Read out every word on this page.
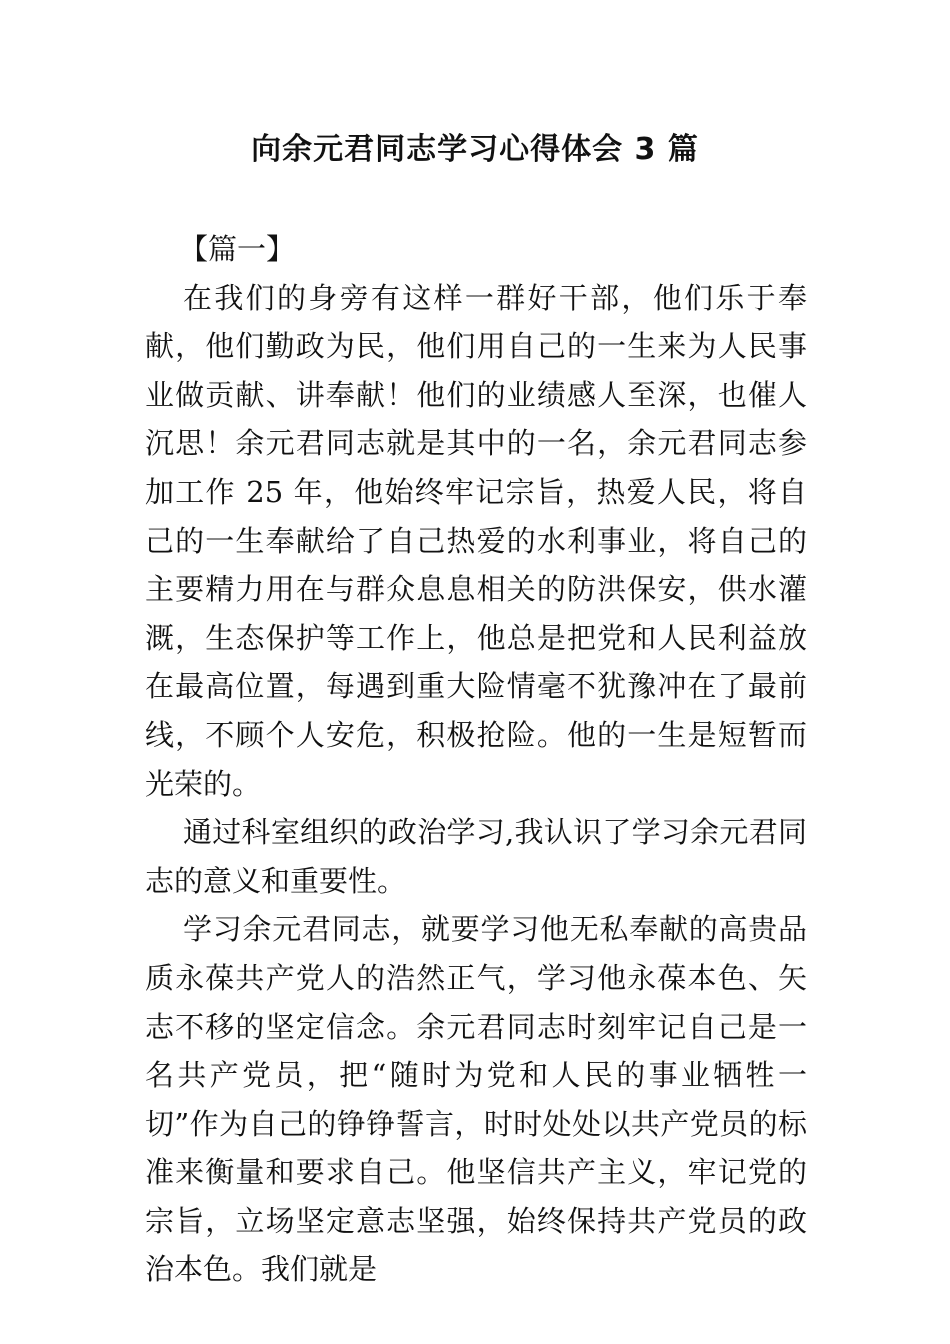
向余元君同志学习心得体会 3 篇

【篇一】

在我们的身旁有这样一群好干部，他们乐于奉献，他们勤政为民，他们用自己的一生来为人民事业做贡献、讲奉献！他们的业绩感人至深，也催人沉思！余元君同志就是其中的一名，余元君同志参加工作 25 年，他始终牢记宗旨，热爱人民，将自己的一生奉献给了自己热爱的水利事业，将自己的主要精力用在与群众息息相关的防洪保安，供水灌溉，生态保护等工作上，他总是把党和人民利益放在最高位置，每遇到重大险情毫不犹豫冲在了最前线，不顾个人安危，积极抢险。他的一生是短暂而光荣的。

通过科室组织的政治学习,我认识了学习余元君同志的意义和重要性。

学习余元君同志，就要学习他无私奉献的高贵品质永葆共产党人的浩然正气，学习他永葆本色、矢志不移的坚定信念。余元君同志时刻牢记自己是一名共产党员，把“随时为党和人民的事业牺牲一切”作为自己的铮铮誓言，时时处处以共产党员的标准来衡量和要求自己。他坚信共产主义，牢记党的宗旨，立场坚定意志坚强，始终保持共产党员的政治本色。我们就是
